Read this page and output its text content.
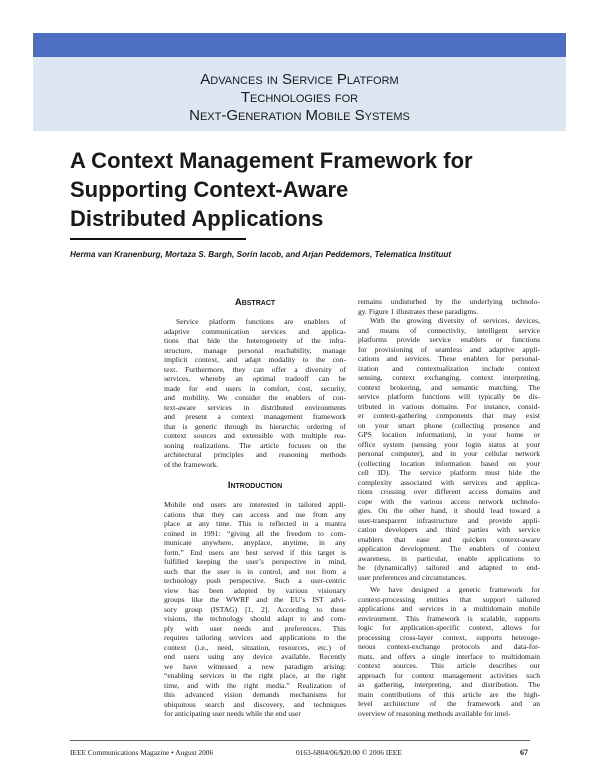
Advances in Service Platform
Technologies for
Next-Generation Mobile Systems
A Context Management Framework for
Supporting Context-Aware
Distributed Applications
Herma van Kranenburg, Mortaza S. Bargh, Sorin Iacob, and Arjan Peddemors, Telematica Instituut
Abstract
Service platform functions are enablers of
adaptive communication services and applica-
tions that hide the heterogeneity of the infra-
structure, manage personal reachability, manage
implicit context, and adapt modality to the con-
text. Furthermore, they can offer a diversity of
services, whereby an optimal tradeoff can be
made for end users in comfort, cost, security,
and mobility. We consider the enablers of con-
text-aware services in distributed environments
and present a context management framework
that is generic through its hierarchic ordering of
context sources and extensible with multiple rea-
soning realizations. The article focuses on the
architectural principles and reasoning methods
of the framework.
Introduction
Mobile end users are interested in tailored appli-
cations that they can access and use from any
place at any time. This is reflected in a mantra
coined in 1991: “giving all the freedom to com-
municate anywhere, anyplace, anytime, in any
form.” End users are best served if this target is
fulfilled keeping the user’s perspective in mind,
such that the user is in control, and not from a
technology push perspective. Such a user-centric
view has been adopted by various visionary
groups like the WWRF and the EU’s IST advi-
sory group (ISTAG) [1, 2]. According to these
visions, the technology should adapt to and com-
ply with user needs and preferences. This
requires tailoring services and applications to the
context (i.e., need, situation, resources, etc.) of
end users using any device available. Recently
we have witnessed a new paradigm arising:
“enabling services in the right place, at the right
time, and with the right media.” Realization of
this advanced vision demands mechanisms for
ubiquitous search and discovery, and techniques
for anticipating user needs while the end user
remains undisturbed by the underlying technolo-
gy. Figure 1 illustrates these paradigms.
With the growing diversity of services, devices,
and means of connectivity, intelligent service
platforms provide service enablers or functions
for provisioning of seamless and adaptive appli-
cations and services. These enablers for personal-
ization and contextualization include context
sensing, context exchanging, context interpreting,
context brokering, and semantic matching. The
service platform functions will typically be dis-
tributed in various domains. For instance, consid-
er context-gathering components that may exist
on your smart phone (collecting presence and
GPS location information), in your home or
office system (sensing your login status at your
personal computer), and in your cellular network
(collecting location information based on your
cell ID). The service platform must hide the
complexity associated with services and applica-
tions crossing over different access domains and
cope with the various access network technolo-
gies. On the other hand, it should lead toward a
user-transparent infrastructure and provide appli-
cation developers and third parties with service
enablers that ease and quicken context-aware
application development. The enablers of context
awareness, in particular, enable applications to
be (dynamically) tailored and adapted to end-
user preferences and circumstances.
We have designed a generic framework for
context-processing entities that support tailored
applications and services in a multidomain mobile
environment. This framework is scalable, supports
logic for application-specific context, allows for
processing cross-layer context, supports heteroge-
neous context-exchange protocols and data-for-
mats, and offers a single interface to multidomain
context sources. This article describes our
approach for context management activities such
as gathering, interpreting, and distribution. The
main contributions of this article are the high-
level architecture of the framework and an
overview of reasoning methods available for intel-
IEEE Communications Magazine • August 2006	0163-6804/06/$20.00 © 2006 IEEE	67
